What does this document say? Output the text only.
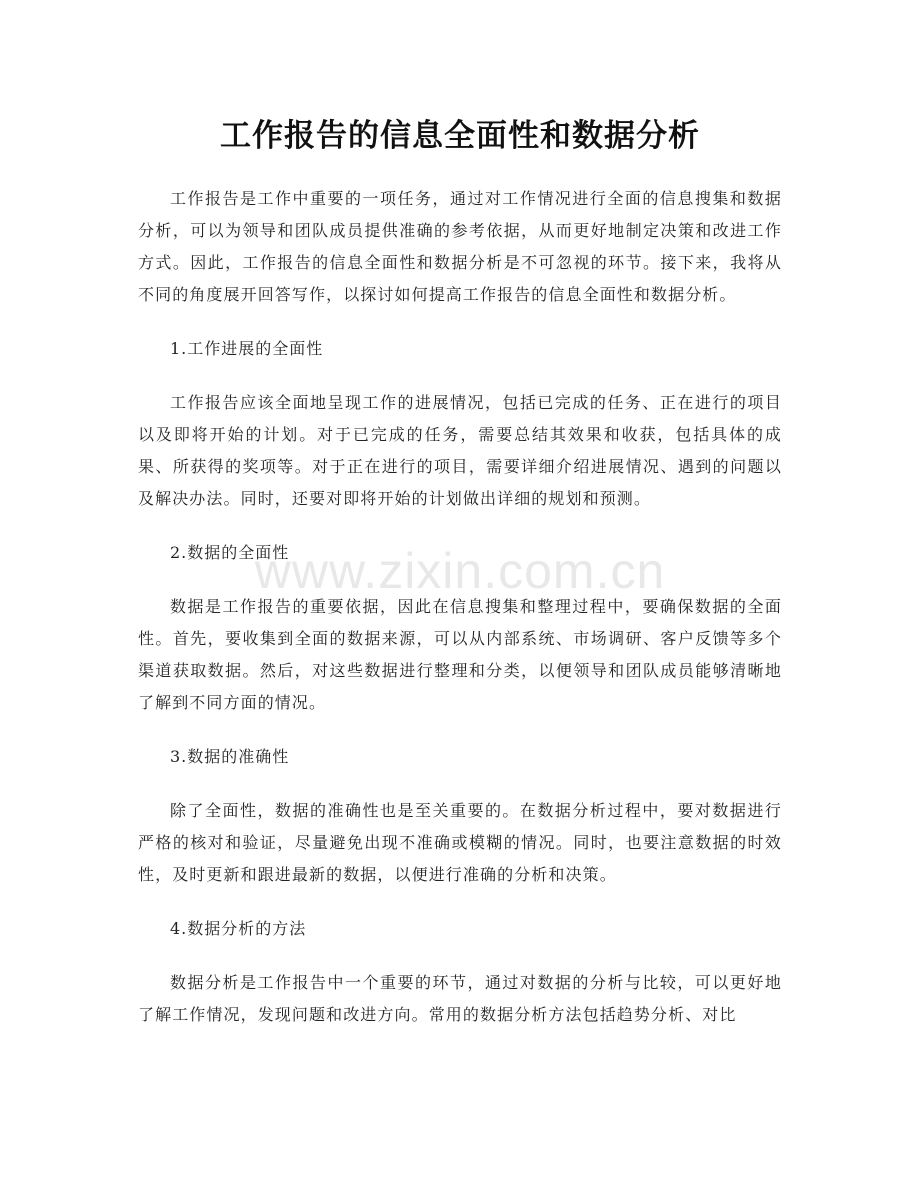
工作报告的信息全面性和数据分析
www.zixin.com.cn

工作报告是工作中重要的一项任务，通过对工作情况进行全面的信息搜集和数据分析，可以为领导和团队成员提供准确的参考依据，从而更好地制定决策和改进工作方式。因此，工作报告的信息全面性和数据分析是不可忽视的环节。接下来，我将从不同的角度展开回答写作，以探讨如何提高工作报告的信息全面性和数据分析。

1.工作进展的全面性

工作报告应该全面地呈现工作的进展情况，包括已完成的任务、正在进行的项目以及即将开始的计划。对于已完成的任务，需要总结其效果和收获，包括具体的成果、所获得的奖项等。对于正在进行的项目，需要详细介绍进展情况、遇到的问题以及解决办法。同时，还要对即将开始的计划做出详细的规划和预测。

2.数据的全面性

数据是工作报告的重要依据，因此在信息搜集和整理过程中，要确保数据的全面性。首先，要收集到全面的数据来源，可以从内部系统、市场调研、客户反馈等多个渠道获取数据。然后，对这些数据进行整理和分类，以便领导和团队成员能够清晰地了解到不同方面的情况。

3.数据的准确性

除了全面性，数据的准确性也是至关重要的。在数据分析过程中，要对数据进行严格的核对和验证，尽量避免出现不准确或模糊的情况。同时，也要注意数据的时效性，及时更新和跟进最新的数据，以便进行准确的分析和决策。

4.数据分析的方法

数据分析是工作报告中一个重要的环节，通过对数据的分析与比较，可以更好地了解工作情况，发现问题和改进方向。常用的数据分析方法包括趋势分析、对比
